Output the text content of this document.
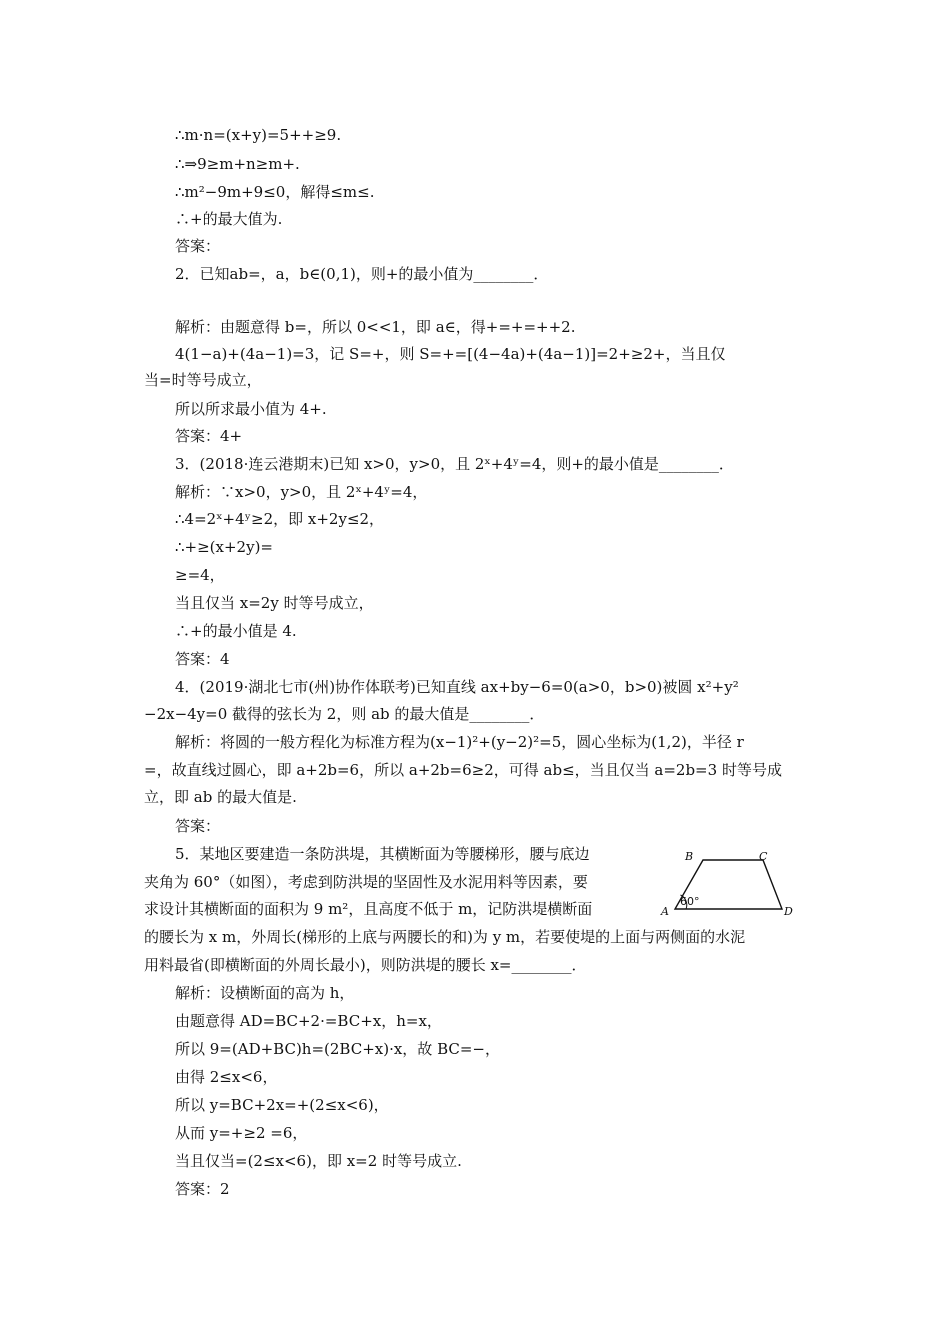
∴m·n=(x+y)=5++≥9.
∴⇒9≥m+n≥m+.
∴m²−9m+9≤0，解得≤m≤.
∴+的最大值为.
答案：
2．已知ab=，a，b∈(0,1)，则+的最小值为________．
解析：由题意得 b=，所以 0<<1，即 a∈，得+=+=++2.
4(1−a)+(4a−1)=3，记 S=+，则 S=+=[(4−4a)+(4a−1)]=2+≥2+，当且仅
当=时等号成立，
所以所求最小值为 4+.
答案：4+
3．(2018·连云港期末)已知 x>0，y>0，且 2ˣ+4ʸ=4，则+的最小值是________．
解析：∵x>0，y>0，且 2ˣ+4ʸ=4，
∴4=2ˣ+4ʸ≥2，即 x+2y≤2，
∴+≥(x+2y)=
≥=4，
当且仅当 x=2y 时等号成立，
∴+的最小值是 4.
答案：4
4．(2019·湖北七市(州)协作体联考)已知直线 ax+by−6=0(a>0，b>0)被圆 x²+y²
−2x−4y=0 截得的弦长为 2，则 ab 的最大值是________．
解析：将圆的一般方程化为标准方程为(x−1)²+(y−2)²=5，圆心坐标为(1,2)，半径 r
=，故直线过圆心，即 a+2b=6，所以 a+2b=6≥2，可得 ab≤，当且仅当 a=2b=3 时等号成
立，即 ab 的最大值是.
答案：
5．某地区要建造一条防洪堤，其横断面为等腰梯形，腰与底边
夹角为 60°（如图），考虑到防洪堤的坚固性及水泥用料等因素，要
求设计其横断面的面积为 9 m²，且高度不低于 m，记防洪堤横断面
的腰长为 x m，外周长(梯形的上底与两腰长的和)为 y m，若要使堤的上面与两侧面的水泥
用料最省(即横断面的外周长最小)，则防洪堤的腰长 x=________．
解析：设横断面的高为 h，
由题意得 AD=BC+2·=BC+x，h=x，
所以 9=(AD+BC)h=(2BC+x)·x，故 BC=−，
由得 2≤x<6，
所以 y=BC+2x=+(2≤x<6)，
从而 y=+≥2 =6，
当且仅当=(2≤x<6)，即 x=2 时等号成立.
答案：2
B	C
A	D
60°
